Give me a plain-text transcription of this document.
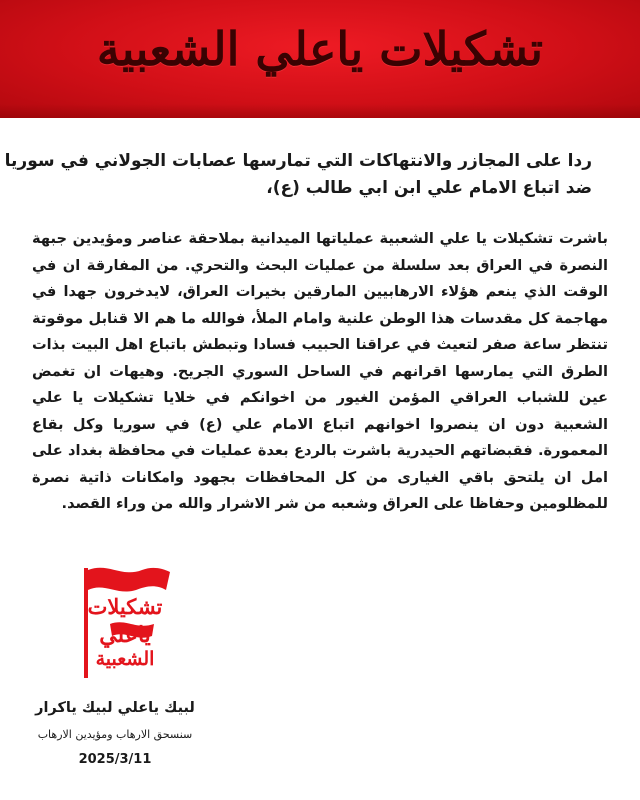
تشكيلات ياعلي الشعبية

ردا على المجازر والانتهاكات التي تمارسها عصابات الجولاني في سوريا

ضد اتباع الامام علي ابن ابي طالب (ع)،

باشرت تشكيلات يا علي الشعبية عملياتها الميدانية بملاحقة عناصر ومؤيدين جبهة النصرة في العراق بعد سلسلة من عمليات البحث والتحري. من المفارقة ان في الوقت الذي ينعم هؤلاء الارهابيين المارقين بخيرات العراق، لايدخرون جهدا في مهاجمة كل مقدسات هذا الوطن علنية وامام الملأ، فوالله ما هم الا قنابل موقوتة تنتظر ساعة صفر لتعيث في عراقنا الحبيب فسادا وتبطش باتباع اهل البيت بذات الطرق التي يمارسها اقرانهم في الساحل السوري الجريح. وهيهات ان تغمض عين للشباب العراقي المؤمن الغيور من اخوانكم في خلايا تشكيلات يا علي الشعبية دون ان ينصروا اخوانهم اتباع الامام علي (ع) في سوريا وكل بقاع المعمورة. فقبضاتهم الحيدرية باشرت بالردع بعدة عمليات في محافظة بغداد على امل ان يلتحق باقي الغيارى من كل المحافظات بجهود وامكانات ذاتية نصرة للمظلومين وحفاظا على العراق وشعبه من شر الاشرار والله من وراء القصد.

تشكيلات
ياعلي
الشعبية
لبيك ياعلي لبيك ياكرار
سنسحق الارهاب ومؤيدين الارهاب
2025/3/11
